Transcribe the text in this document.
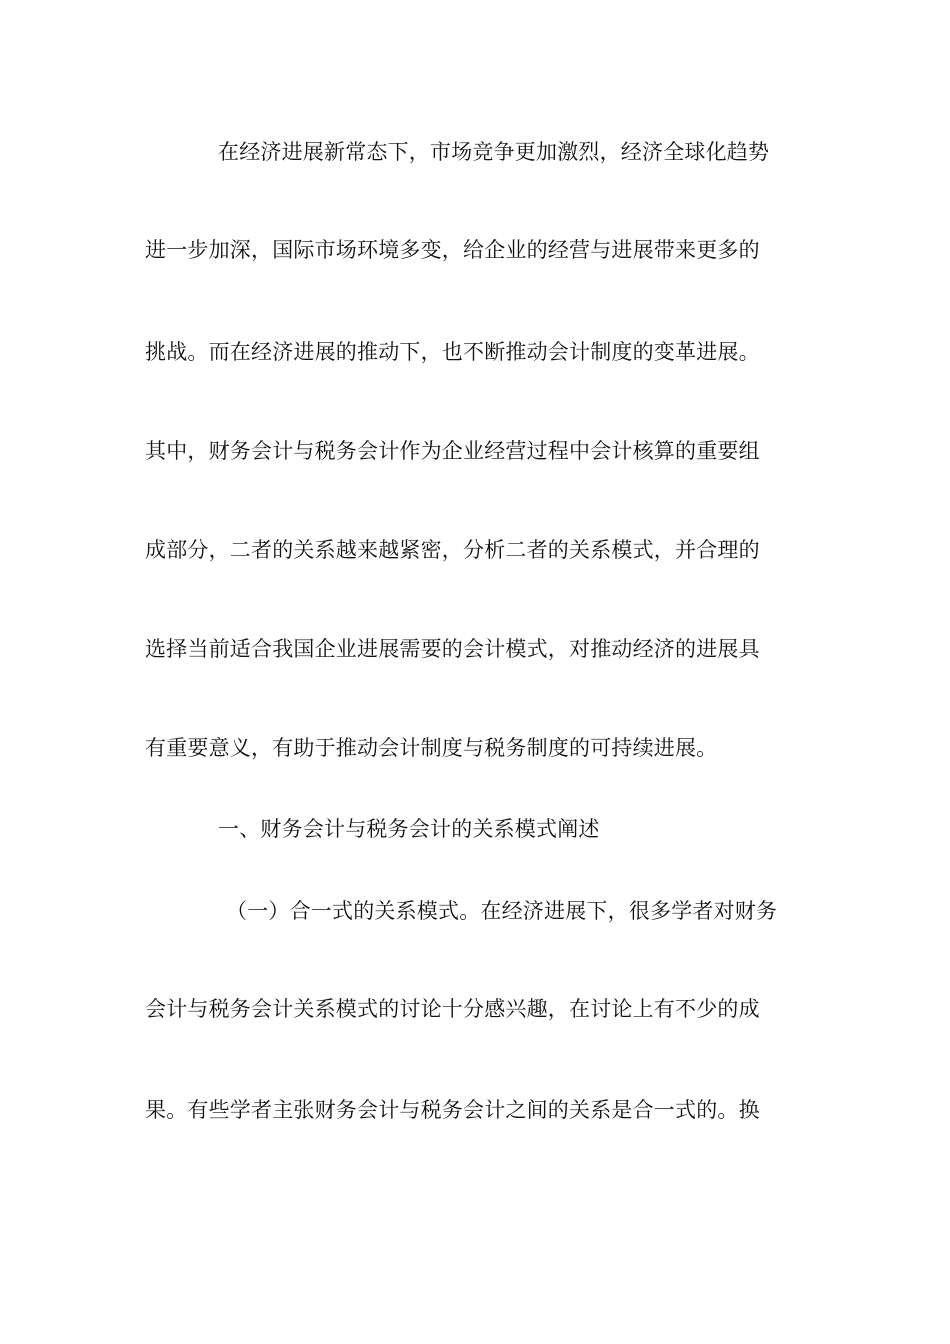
在经济进展新常态下，市场竞争更加激烈，经济全球化趋势
进一步加深，国际市场环境多变，给企业的经营与进展带来更多的
挑战。而在经济进展的推动下，也不断推动会计制度的变革进展。
其中，财务会计与税务会计作为企业经营过程中会计核算的重要组
成部分，二者的关系越来越紧密，分析二者的关系模式，并合理的
选择当前适合我国企业进展需要的会计模式，对推动经济的进展具
有重要意义，有助于推动会计制度与税务制度的可持续进展。
一、财务会计与税务会计的关系模式阐述
（一）合一式的关系模式。在经济进展下，很多学者对财务
会计与税务会计关系模式的讨论十分感兴趣，在讨论上有不少的成
果。有些学者主张财务会计与税务会计之间的关系是合一式的。换
